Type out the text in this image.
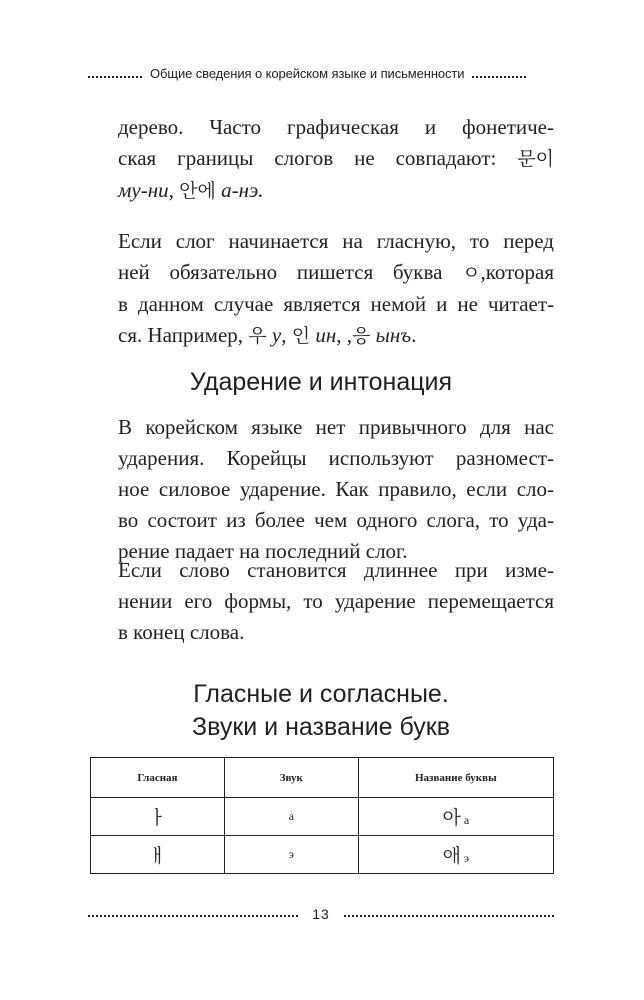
Общие сведения о корейском языке и письменности

дерево. Часто графическая и фонетиче-
ская границы слогов не совпадают: 문이
му-ни, 안에 а-нэ.

Если слог начинается на гласную, то перед
ней обязательно пишется буква ㅇ,которая
в данном случае является немой и не читает-
ся. Например, 우 у, 인 ин, ,응 ынъ.

Ударение и интонация

В корейском языке нет привычного для нас
ударения. Корейцы используют разномест-
ное силовое ударение. Как правило, если сло-
во состоит из более чем одного слога, то уда-
рение падает на последний слог.

Если слово становится длиннее при изме-
нении его формы, то ударение перемещается
в конец слова.

Гласные и согласные.
Звуки и название букв
Гласная	Звук	Название буквы
ㅏ	а	아 а
ㅐ	э	애 э
13
